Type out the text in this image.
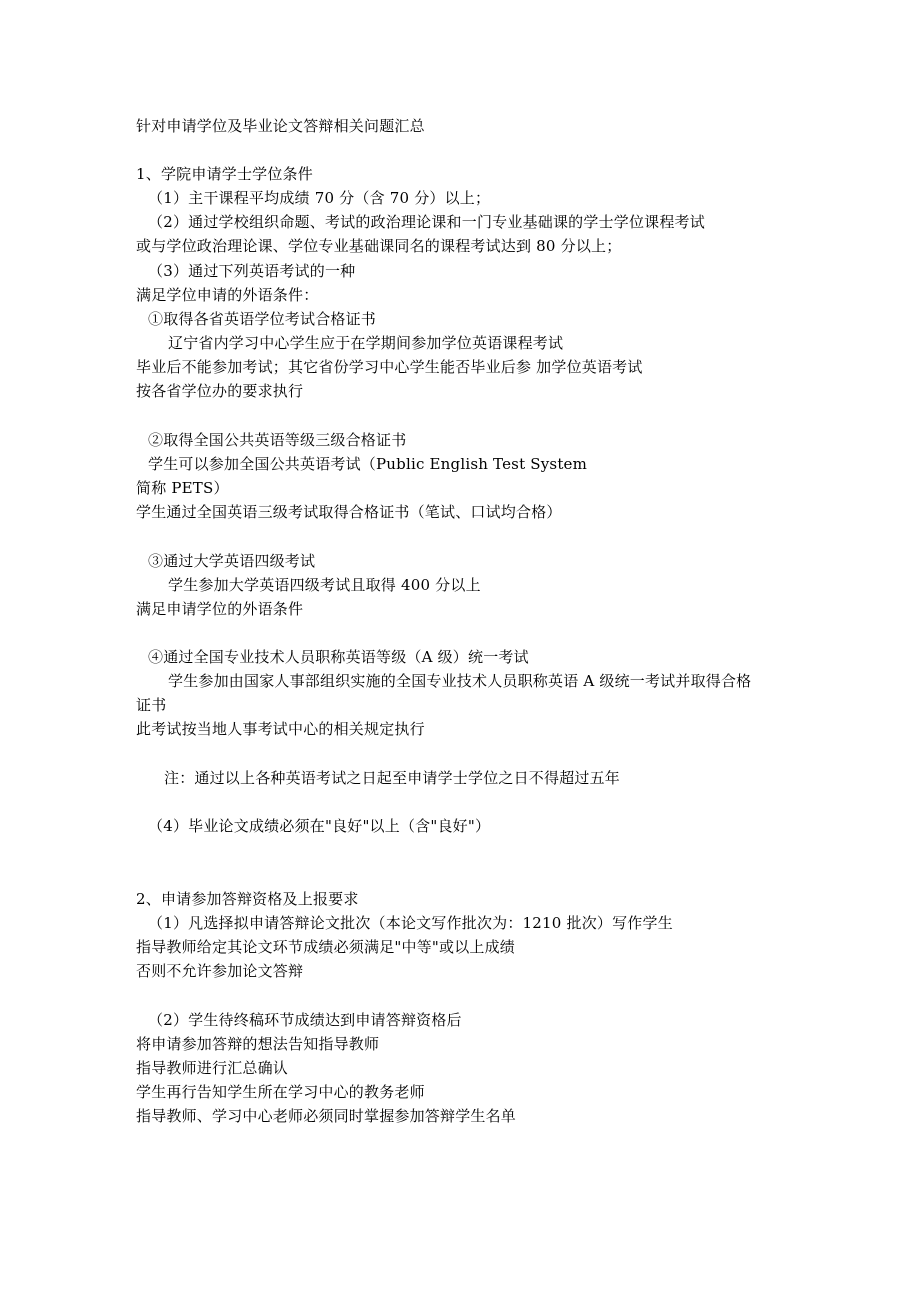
针对申请学位及毕业论文答辩相关问题汇总
1、学院申请学士学位条件
（1）主干课程平均成绩 70 分（含 70 分）以上；
（2）通过学校组织命题、考试的政治理论课和一门专业基础课的学士学位课程考试
或与学位政治理论课、学位专业基础课同名的课程考试达到 80 分以上；
（3）通过下列英语考试的一种
满足学位申请的外语条件：
①取得各省英语学位考试合格证书
辽宁省内学习中心学生应于在学期间参加学位英语课程考试
毕业后不能参加考试；其它省份学习中心学生能否毕业后参 加学位英语考试
按各省学位办的要求执行
②取得全国公共英语等级三级合格证书
学生可以参加全国公共英语考试（Public English Test System
简称 PETS）
学生通过全国英语三级考试取得合格证书（笔试、口试均合格）
③通过大学英语四级考试
学生参加大学英语四级考试且取得 400 分以上
满足申请学位的外语条件
④通过全国专业技术人员职称英语等级（A 级）统一考试
学生参加由国家人事部组织实施的全国专业技术人员职称英语 A 级统一考试并取得合格
证书
此考试按当地人事考试中心的相关规定执行
注：通过以上各种英语考试之日起至申请学士学位之日不得超过五年
（4）毕业论文成绩必须在"良好"以上（含"良好"）
2、申请参加答辩资格及上报要求
（1）凡选择拟申请答辩论文批次（本论文写作批次为：1210 批次）写作学生
指导教师给定其论文环节成绩必须满足"中等"或以上成绩
否则不允许参加论文答辩
（2）学生待终稿环节成绩达到申请答辩资格后
将申请参加答辩的想法告知指导教师
指导教师进行汇总确认
学生再行告知学生所在学习中心的教务老师
指导教师、学习中心老师必须同时掌握参加答辩学生名单
